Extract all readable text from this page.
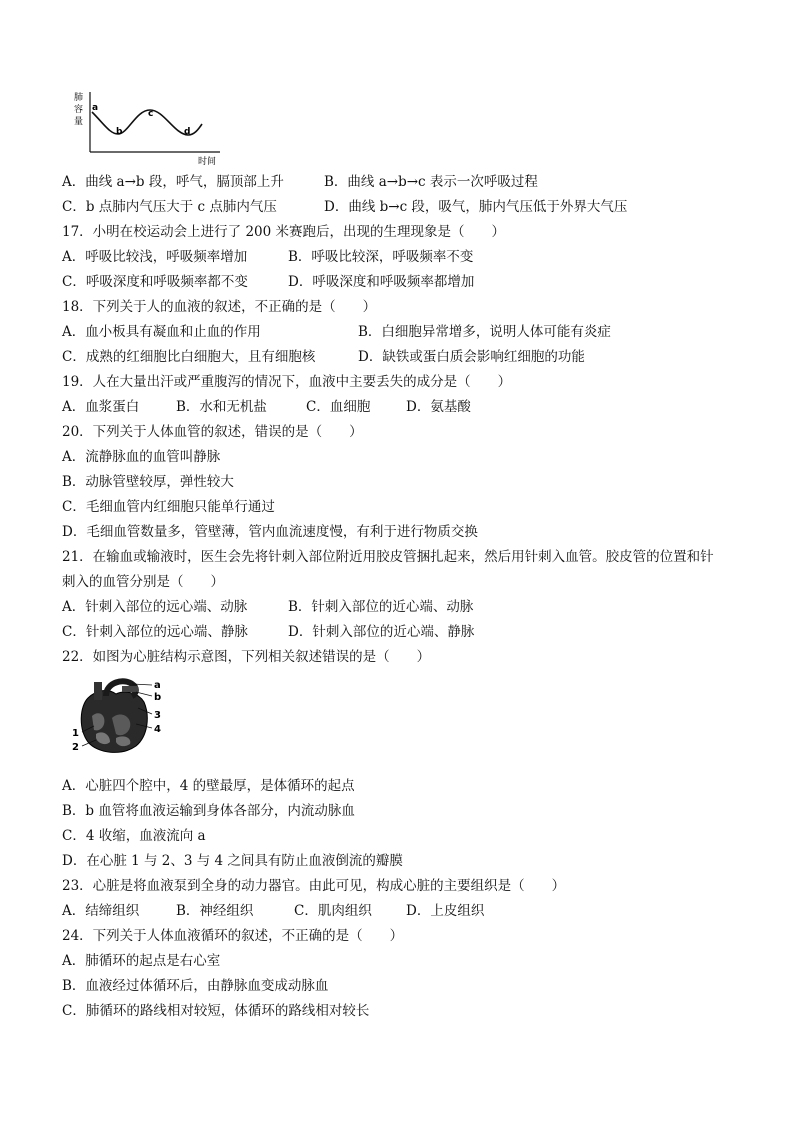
肺
容
量
时间
a
b
c
d
A．曲线 a→b 段，呼气，膈顶部上升	B．曲线 a→b→c 表示一次呼吸过程
C．b 点肺内气压大于 c 点肺内气压	D．曲线 b→c 段，吸气，肺内气压低于外界大气压
17．小明在校运动会上进行了 200 米赛跑后，出现的生理现象是（　　）
A．呼吸比较浅，呼吸频率增加	B．呼吸比较深，呼吸频率不变
C．呼吸深度和呼吸频率都不变	D．呼吸深度和呼吸频率都增加
18．下列关于人的血液的叙述，不正确的是（　　）
A．血小板具有凝血和止血的作用	B．白细胞异常增多，说明人体可能有炎症
C．成熟的红细胞比白细胞大，且有细胞核	D．缺铁或蛋白质会影响红细胞的功能
19．人在大量出汗或严重腹泻的情况下，血液中主要丢失的成分是（　　）
A．血浆蛋白	B．水和无机盐	C．血细胞	D．氨基酸
20．下列关于人体血管的叙述，错误的是（　　）
A．流静脉血的血管叫静脉
B．动脉管壁较厚，弹性较大
C．毛细血管内红细胞只能单行通过
D．毛细血管数量多，管壁薄，管内血流速度慢，有利于进行物质交换
21．在输血或输液时，医生会先将针刺入部位附近用胶皮管捆扎起来，然后用针刺入血管。胶皮管的位置和针
刺入的血管分别是（　　）
A．针刺入部位的远心端、动脉	B．针刺入部位的近心端、动脉
C．针刺入部位的远心端、静脉	D．针刺入部位的近心端、静脉
22．如图为心脏结构示意图，下列相关叙述错误的是（　　）
a
b
3
4
1
2
A．心脏四个腔中，4 的壁最厚，是体循环的起点
B．b 血管将血液运输到身体各部分，内流动脉血
C．4 收缩，血液流向 a
D．在心脏 1 与 2、3 与 4 之间具有防止血液倒流的瓣膜
23．心脏是将血液泵到全身的动力器官。由此可见，构成心脏的主要组织是（　　）
A．结缔组织	B．神经组织	C．肌肉组织	D．上皮组织
24．下列关于人体血液循环的叙述，不正确的是（　　）
A．肺循环的起点是右心室
B．血液经过体循环后，由静脉血变成动脉血
C．肺循环的路线相对较短，体循环的路线相对较长
